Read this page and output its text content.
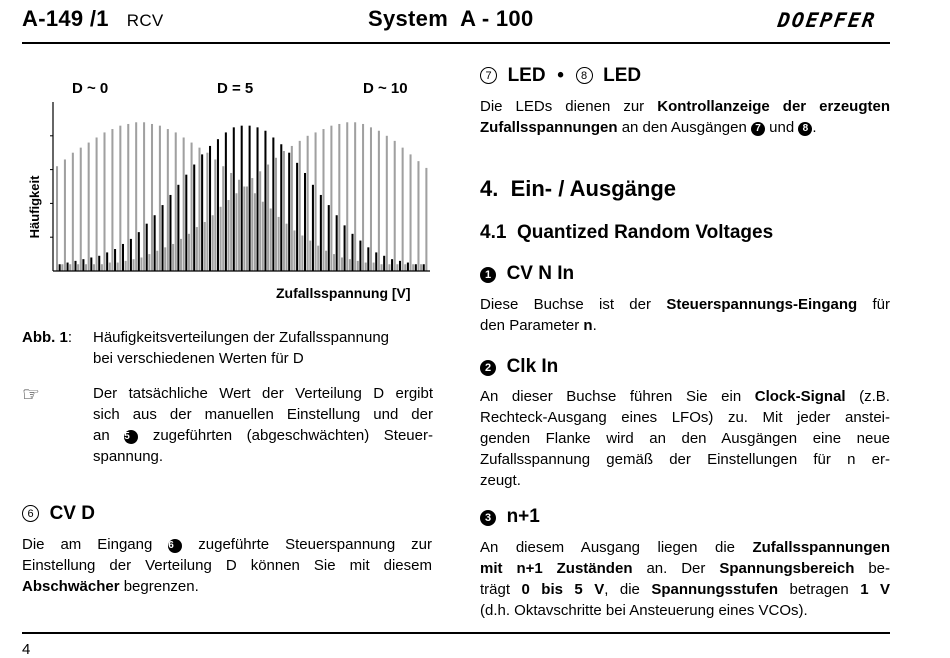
A-149 /1 RCV	System  A - 100	DOEPFER
Häufigkeit
D ~ 0	D = 5	D ~ 10
Zufallsspannung [V]
Abb. 1:	Häufigkeitsverteilungen der Zufallsspannung
bei verschiedenen Werten für D
☞	Der tatsächliche Wert der Verteilung D ergibt
sich aus der manuellen Einstellung und der
an 5 zugeführten (abgeschwächten) Steuer-
spannung.
6 CV D
Die am Eingang 6 zugeführte Steuerspannung zur
Einstellung der Verteilung D können Sie mit diesem
Abschwächer begrenzen.
7 LED • 8 LED
Die LEDs dienen zur Kontrollanzeige der erzeugten
Zufallsspannungen an den Ausgängen 7 und 8 .
4.  Ein- / Ausgänge
4.1  Quantized Random Voltages
1 CV N In
Diese Buchse ist der Steuerspannungs-Eingang für
den Parameter n.
2 Clk In
An dieser Buchse führen Sie ein Clock-Signal (z.B.
Rechteck-Ausgang eines LFOs) zu. Mit jeder anstei-
genden Flanke wird an den Ausgängen eine neue
Zufallsspannung gemäß der Einstellungen für n er-
zeugt.
3 n+1
An diesem Ausgang liegen die Zufallsspannungen
mit n+1 Zuständen an. Der Spannungsbereich be-
trägt 0 bis 5 V, die Spannungsstufen betragen 1 V
(d.h. Oktavschritte bei Ansteuerung eines VCOs).
4
